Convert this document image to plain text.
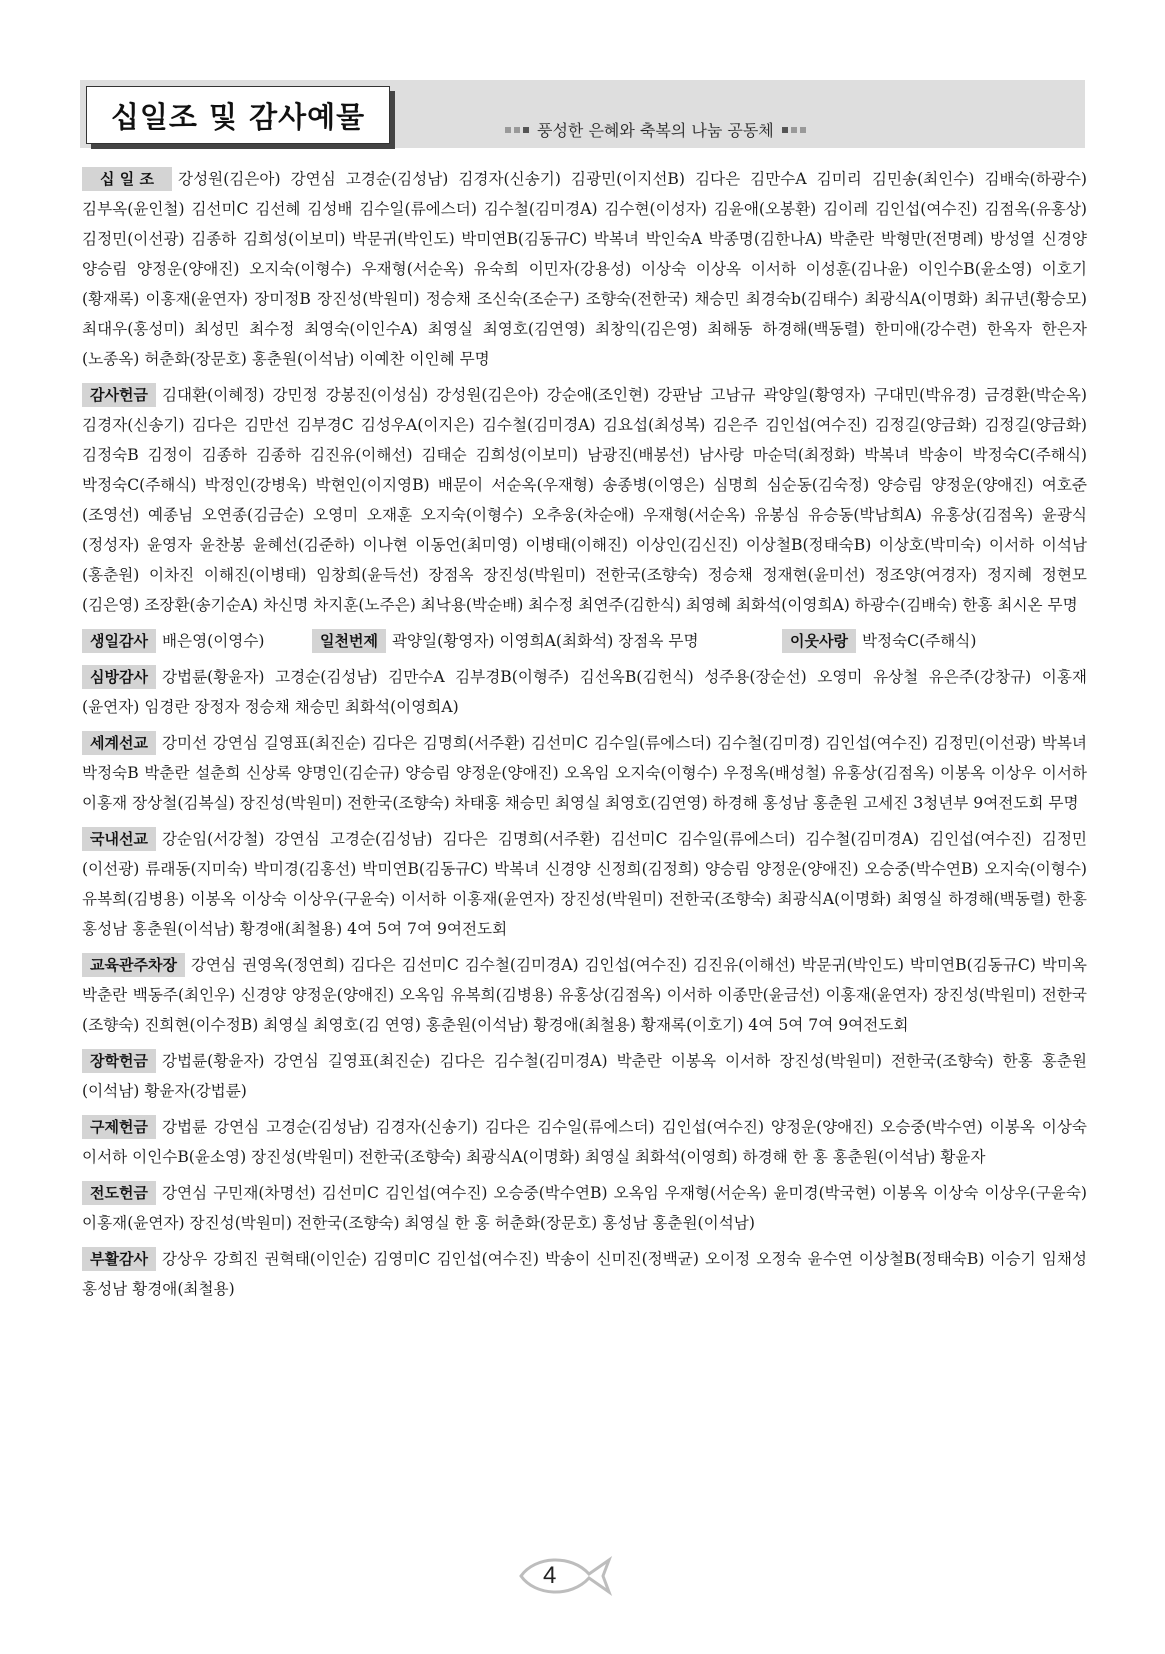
십일조 및 감사예물	풍성한 은혜와 축복의 나눔 공동체
십 일 조 강성원(김은아) 강연심 고경순(김성남) 김경자(신송기) 김광민(이지선B) 김다은 김만수A 김미리 김민송(최인수) 김배숙(하광수) 김부옥(윤인철) 김선미C 김선혜 김성배 김수일(류에스더) 김수철(김미경A) 김수현(이성자) 김윤애(오봉환) 김이레 김인섭(여수진) 김점옥(유홍상) 김정민(이선광) 김종하 김희성(이보미) 박문귀(박인도) 박미연B(김동규C) 박복녀 박인숙A 박종명(김한나A) 박춘란 박형만(전명례) 방성열 신경양 양승림 양정운(양애진) 오지숙(이형수) 우재형(서순옥) 유숙희 이민자(강용성) 이상숙 이상옥 이서하 이성훈(김나윤) 이인수B(윤소영) 이호기(황재록) 이홍재(윤연자) 장미정B 장진성(박원미) 정승채 조신숙(조순구) 조향숙(전한국) 채승민 최경숙b(김태수) 최광식A(이명화) 최규년(황승모) 최대우(홍성미) 최성민 최수정 최영숙(이인수A) 최영실 최영호(김연영) 최창익(김은영) 최해동 하경해(백동렬) 한미애(강수련) 한옥자 한은자(노종옥) 허춘화(장문호) 홍춘원(이석남) 이예찬 이인혜 무명
감사헌금 김대환(이혜정) 강민정 강봉진(이성심) 강성원(김은아) 강순애(조인현) 강판남 고남규 곽양일(황영자) 구대민(박유경) 금경환(박순옥) 김경자(신송기) 김다은 김만선 김부경C 김성우A(이지은) 김수철(김미경A) 김요섭(최성복) 김은주 김인섭(여수진) 김정길(양금화) 김정길(양금화) 김정숙B 김정이 김종하 김종하 김진유(이해선) 김태순 김희성(이보미) 남광진(배봉선) 남사랑 마순덕(최정화) 박복녀 박송이 박정숙C(주해식) 박정숙C(주해식) 박정인(강병욱) 박현인(이지영B) 배문이 서순옥(우재형) 송종병(이영은) 심명희 심순동(김숙정) 양승림 양정운(양애진) 여호준(조영선) 예종님 오연종(김금순) 오영미 오재훈 오지숙(이형수) 오추웅(차순애) 우재형(서순옥) 유봉심 유승동(박남희A) 유홍상(김점옥) 윤광식(정성자) 윤영자 윤찬봉 윤혜선(김준하) 이나현 이동언(최미영) 이병태(이해진) 이상인(김신진) 이상철B(정태숙B) 이상호(박미숙) 이서하 이석남(홍춘원) 이차진 이해진(이병태) 임창희(윤득선) 장점옥 장진성(박원미) 전한국(조향숙) 정승채 정재현(윤미선) 정조양(여경자) 정지혜 정현모(김은영) 조장환(송기순A) 차신명 차지훈(노주은) 최낙용(박순배) 최수정 최연주(김한식) 최영혜 최화석(이영희A) 하광수(김배숙) 한홍 최시온 무명
생일감사 배은영(이영수)	일천번제 곽양일(황영자) 이영희A(최화석) 장점옥 무명	이웃사랑 박정숙C(주해식)
심방감사 강법륜(황윤자) 고경순(김성남) 김만수A 김부경B(이형주) 김선옥B(김헌식) 성주용(장순선) 오영미 유상철 유은주(강창규) 이홍재(윤연자) 임경란 장정자 정승채 채승민 최화석(이영희A)
세계선교 강미선 강연심 길영표(최진순) 김다은 김명희(서주환) 김선미C 김수일(류에스더) 김수철(김미경) 김인섭(여수진) 김정민(이선광) 박복녀 박정숙B 박춘란 설춘희 신상록 양명인(김순규) 양승림 양정운(양애진) 오옥임 오지숙(이형수) 우정옥(배성철) 유홍상(김점옥) 이봉옥 이상우 이서하 이홍재 장상철(김복실) 장진성(박원미) 전한국(조향숙) 차태홍 채승민 최영실 최영호(김연영) 하경해 홍성남 홍춘원 고세진 3청년부 9여전도회 무명
국내선교 강순임(서강철) 강연심 고경순(김성남) 김다은 김명희(서주환) 김선미C 김수일(류에스더) 김수철(김미경A) 김인섭(여수진) 김정민(이선광) 류래동(지미숙) 박미경(김홍선) 박미연B(김동규C) 박복녀 신경양 신정희(김정희) 양승림 양정운(양애진) 오승중(박수연B) 오지숙(이형수) 유복희(김병용) 이봉옥 이상숙 이상우(구윤숙) 이서하 이홍재(윤연자) 장진성(박원미) 전한국(조향숙) 최광식A(이명화) 최영실 하경해(백동렬) 한홍 홍성남 홍춘원(이석남) 황경애(최철용) 4여 5여 7여 9여전도회
교육관주차장 강연심 권영옥(정연희) 김다은 김선미C 김수철(김미경A) 김인섭(여수진) 김진유(이해선) 박문귀(박인도) 박미연B(김동규C) 박미옥 박춘란 백동주(최인우) 신경양 양정운(양애진) 오옥임 유복희(김병용) 유홍상(김점옥) 이서하 이종만(윤금선) 이홍재(윤연자) 장진성(박원미) 전한국(조향숙) 진희현(이수정B) 최영실 최영호(김 연영) 홍춘원(이석남) 황경애(최철용) 황재록(이호기) 4여 5여 7여 9여전도회
장학헌금 강법륜(황윤자) 강연심 길영표(최진순) 김다은 김수철(김미경A) 박춘란 이봉옥 이서하 장진성(박원미) 전한국(조향숙) 한홍 홍춘원(이석남) 황윤자(강법륜)
구제헌금 강법륜 강연심 고경순(김성남) 김경자(신송기) 김다은 김수일(류에스더) 김인섭(여수진) 양정운(양애진) 오승중(박수연) 이봉옥 이상숙 이서하 이인수B(윤소영) 장진성(박원미) 전한국(조향숙) 최광식A(이명화) 최영실 최화석(이영희) 하경해 한 홍 홍춘원(이석남) 황윤자
전도헌금 강연심 구민재(차명선) 김선미C 김인섭(여수진) 오승중(박수연B) 오옥임 우재형(서순옥) 윤미경(박국현) 이봉옥 이상숙 이상우(구윤숙) 이홍재(윤연자) 장진성(박원미) 전한국(조향숙) 최영실 한 홍 허춘화(장문호) 홍성남 홍춘원(이석남)
부활감사 강상우 강희진 권혁태(이인순) 김영미C 김인섭(여수진) 박송이 신미진(정백균) 오이정 오정숙 윤수연 이상철B(정태숙B) 이승기 임채성 홍성남 황경애(최철용)
4
